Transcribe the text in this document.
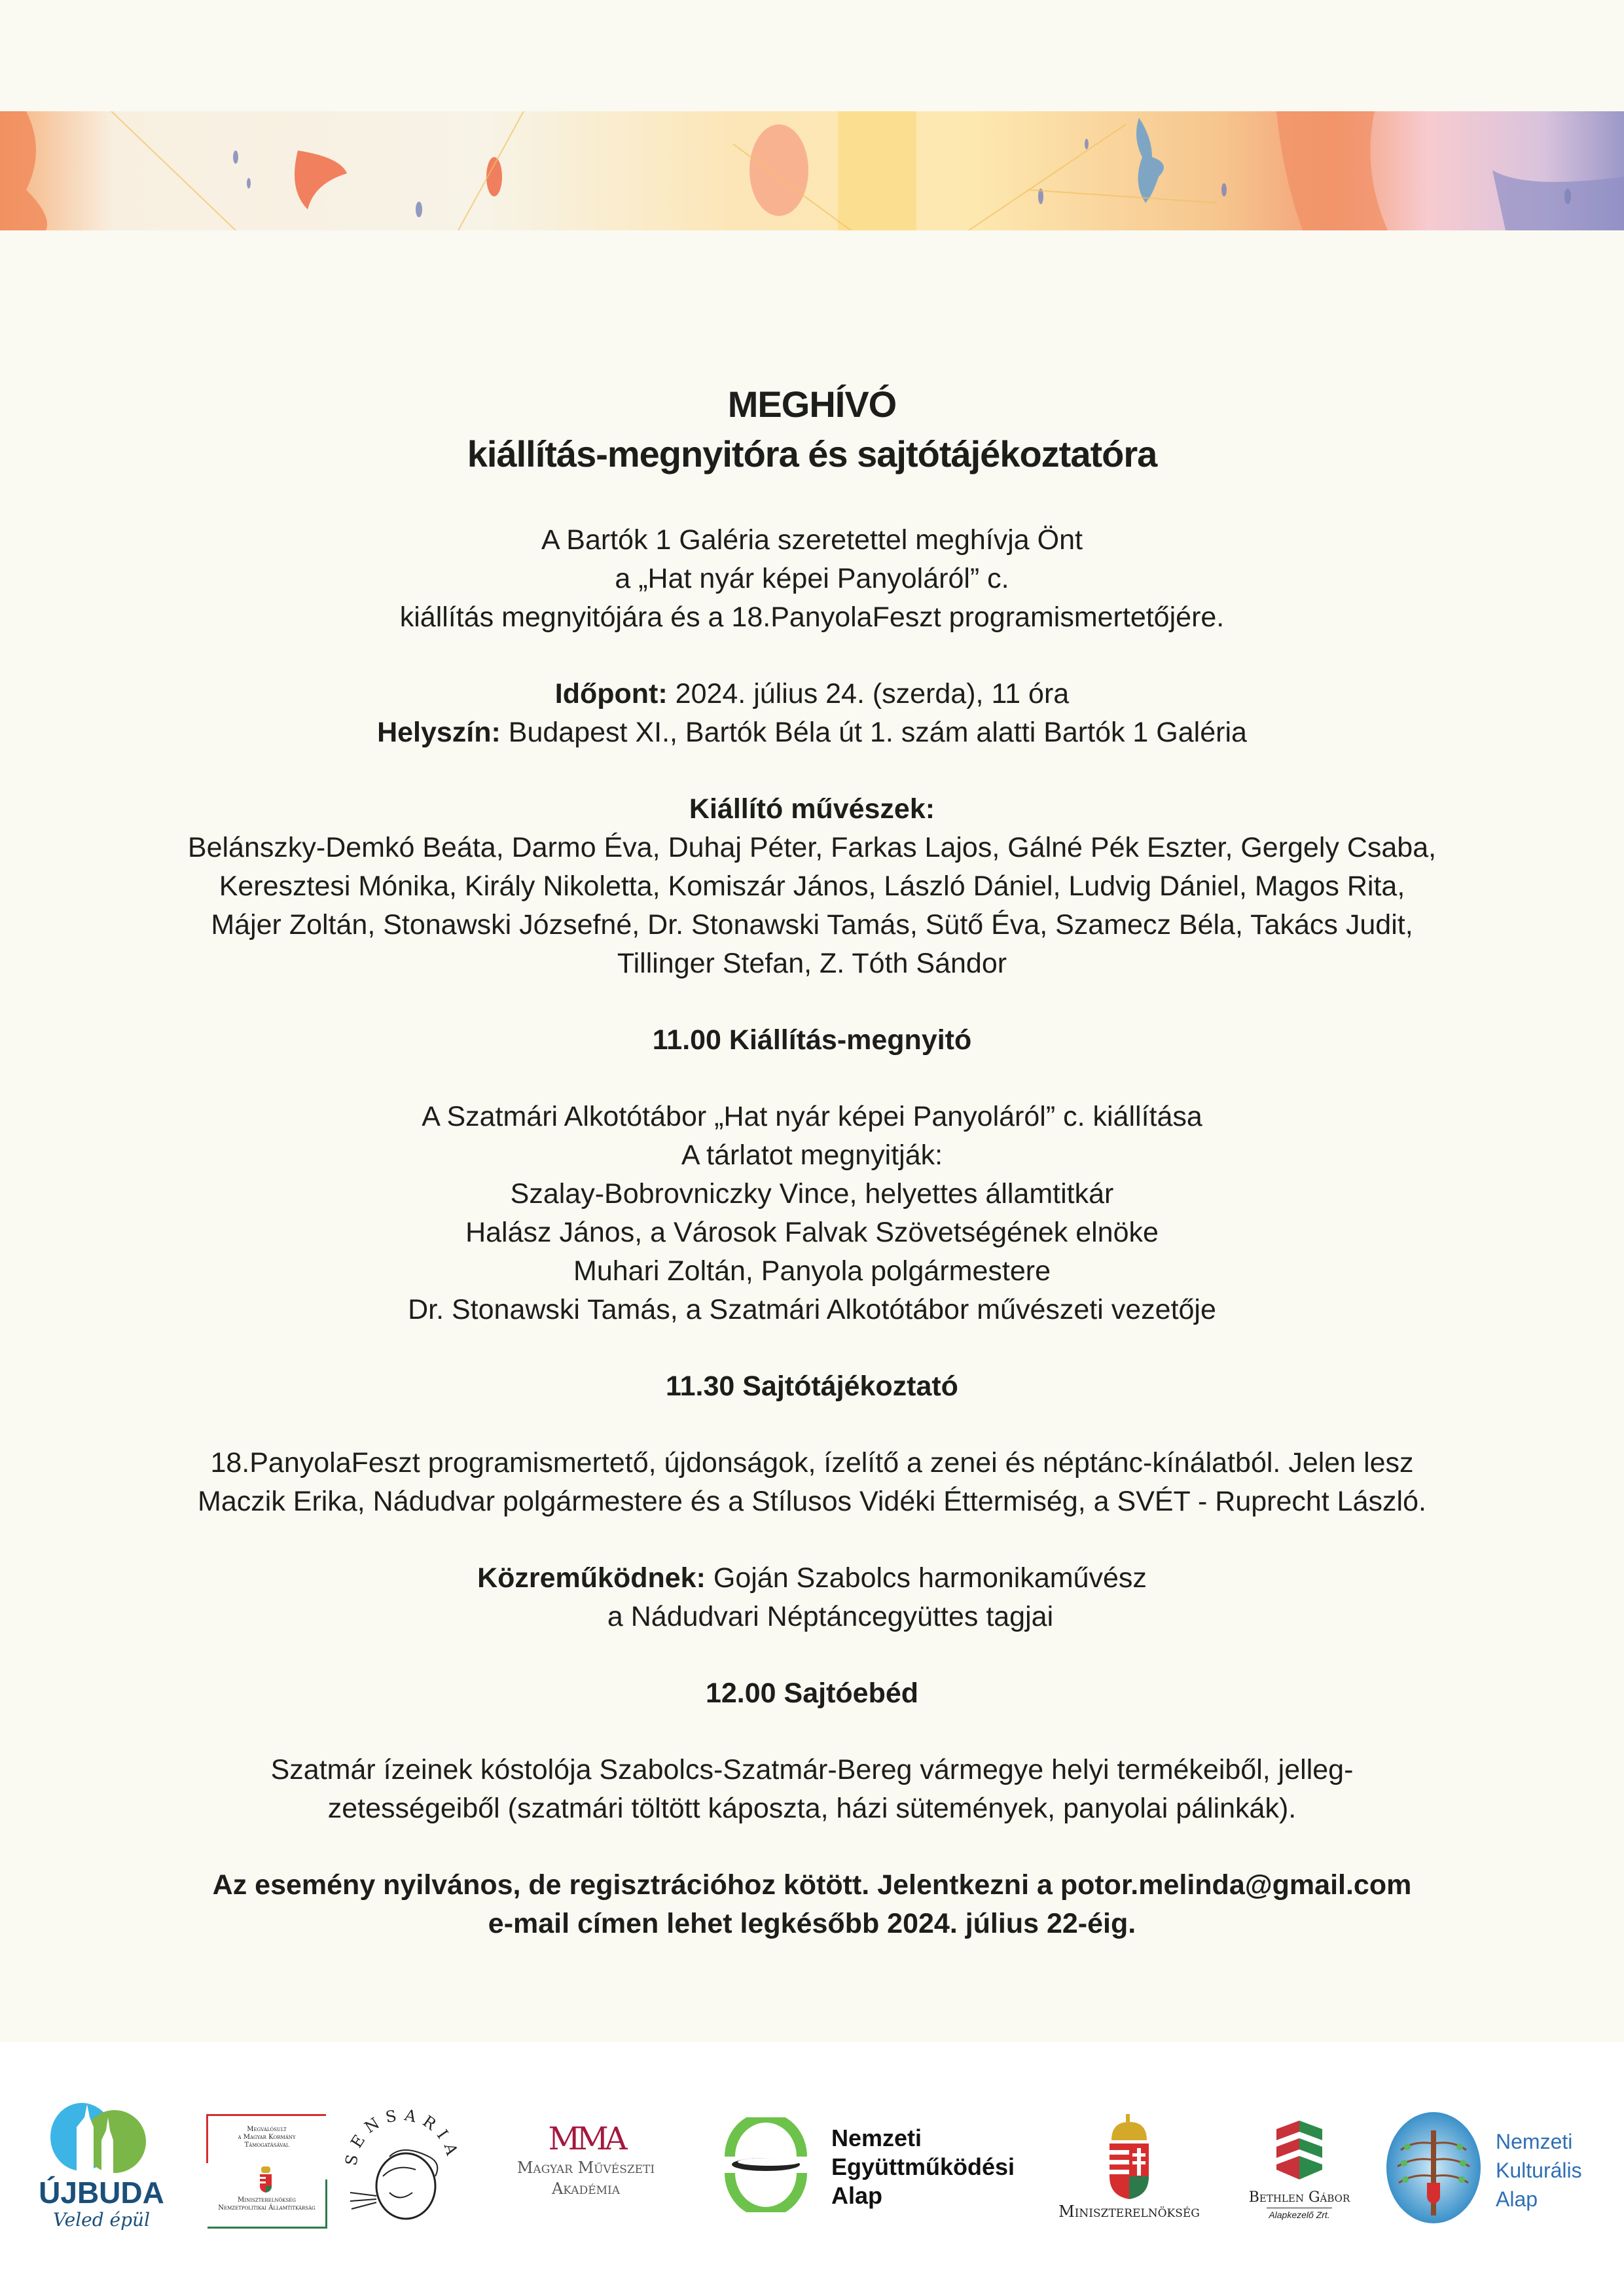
MEGHÍVÓ
kiállítás-megnyitóra és sajtótájékoztatóra

A Bartók 1 Galéria szeretettel meghívja Önt

a „Hat nyár képei Panyoláról” c.

kiállítás megnyitójára és a 18.PanyolaFeszt programismertetőjére.

Időpont: 2024. július 24. (szerda), 11 óra

Helyszín: Budapest XI., Bartók Béla út 1. szám alatti Bartók 1 Galéria

Kiállító művészek:

Belánszky-Demkó Beáta, Darmo Éva, Duhaj Péter, Farkas Lajos, Gálné Pék Eszter, Gergely Csaba,

Keresztesi Mónika, Király Nikoletta, Komiszár János, László Dániel, Ludvig Dániel, Magos Rita,

Májer Zoltán, Stonawski Józsefné, Dr. Stonawski Tamás, Sütő Éva, Szamecz Béla, Takács Judit,

Tillinger Stefan, Z. Tóth Sándor

11.00 Kiállítás-megnyitó

A Szatmári Alkotótábor „Hat nyár képei Panyoláról” c. kiállítása

A tárlatot megnyitják:

Szalay-Bobrovniczky Vince, helyettes államtitkár

Halász János, a Városok Falvak Szövetségének elnöke

Muhari Zoltán, Panyola polgármestere

Dr. Stonawski Tamás, a Szatmári Alkotótábor művészeti vezetője

11.30 Sajtótájékoztató

18.PanyolaFeszt programismertető, újdonságok, ízelítő a zenei és néptánc-kínálatból. Jelen lesz

Maczik Erika, Nádudvar polgármestere és a Stílusos Vidéki Éttermiség, a SVÉT - Ruprecht László.

Közreműködnek: Goján Szabolcs harmonikaművész

a Nádudvari Néptáncegyüttes tagjai

12.00 Sajtóebéd

Szatmár ízeinek kóstolója Szabolcs-Szatmár-Bereg vármegye helyi termékeiből, jelleg-

zetességeiből (szatmári töltött káposzta, házi sütemények, panyolai pálinkák).

Az esemény nyilvános, de regisztrációhoz kötött. Jelentkezni a potor.melinda@gmail.com

e-mail címen lehet legkésőbb 2024. július 22-éig.

ÚJBUDA
Veled épül
Megvalósult
a Magyar Kormány
Támogatásával
Miniszterelnökség
Nemzetpolitikai Államtitkárság
SENSARIA	MMA
Magyar Művészeti
Akadémia
Nemzeti
Együttműködési
Alap
Miniszterelnökség
Bethlen Gábor
Alapkezelő Zrt.
Nemzeti
Kulturális
Alap
